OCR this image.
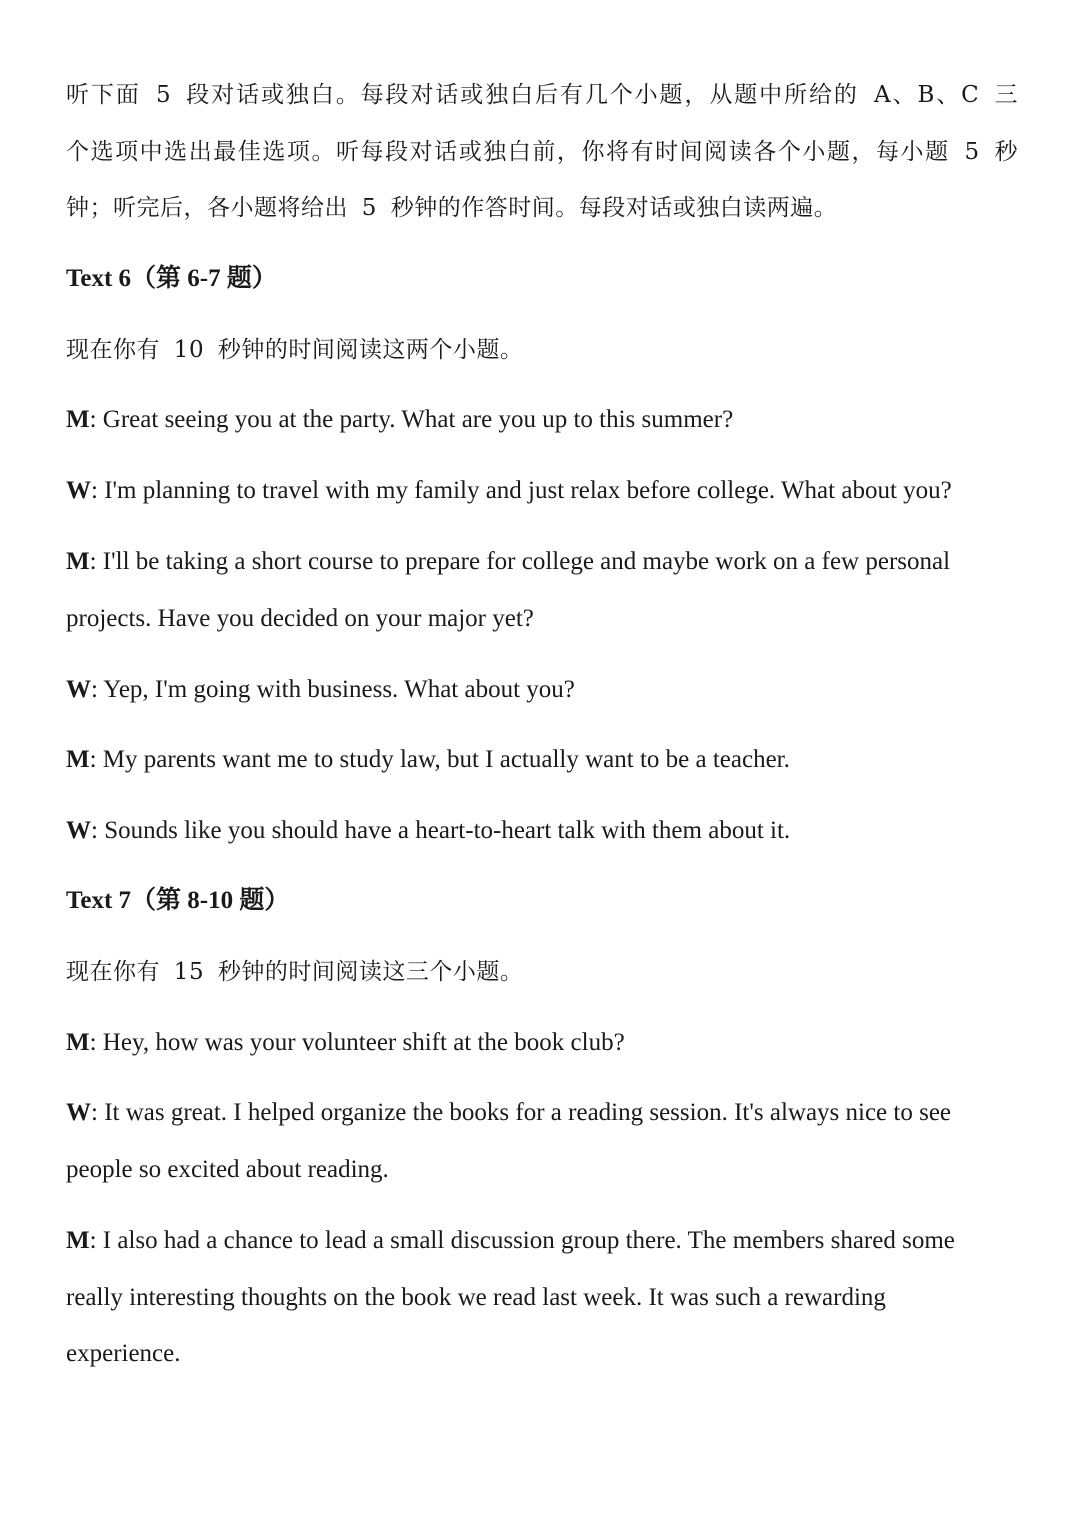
听下面 5 段对话或独白。每段对话或独白后有几个小题，从题中所给的 A、B、C 三
个选项中选出最佳选项。听每段对话或独白前，你将有时间阅读各个小题，每小题 5 秒
钟；听完后，各小题将给出 5 秒钟的作答时间。每段对话或独白读两遍。
Text 6（第 6-7 题）
现在你有 10 秒钟的时间阅读这两个小题。
M: Great seeing you at the party. What are you up to this summer?
W: I'm planning to travel with my family and just relax before college. What about you?
M: I'll be taking a short course to prepare for college and maybe work on a few personal
projects. Have you decided on your major yet?
W: Yep, I'm going with business. What about you?
M: My parents want me to study law, but I actually want to be a teacher.
W: Sounds like you should have a heart-to-heart talk with them about it.
Text 7（第 8-10 题）
现在你有 15 秒钟的时间阅读这三个小题。
M: Hey, how was your volunteer shift at the book club?
W: It was great. I helped organize the books for a reading session. It's always nice to see
people so excited about reading.
M: I also had a chance to lead a small discussion group there. The members shared some
really interesting thoughts on the book we read last week. It was such a rewarding
experience.
